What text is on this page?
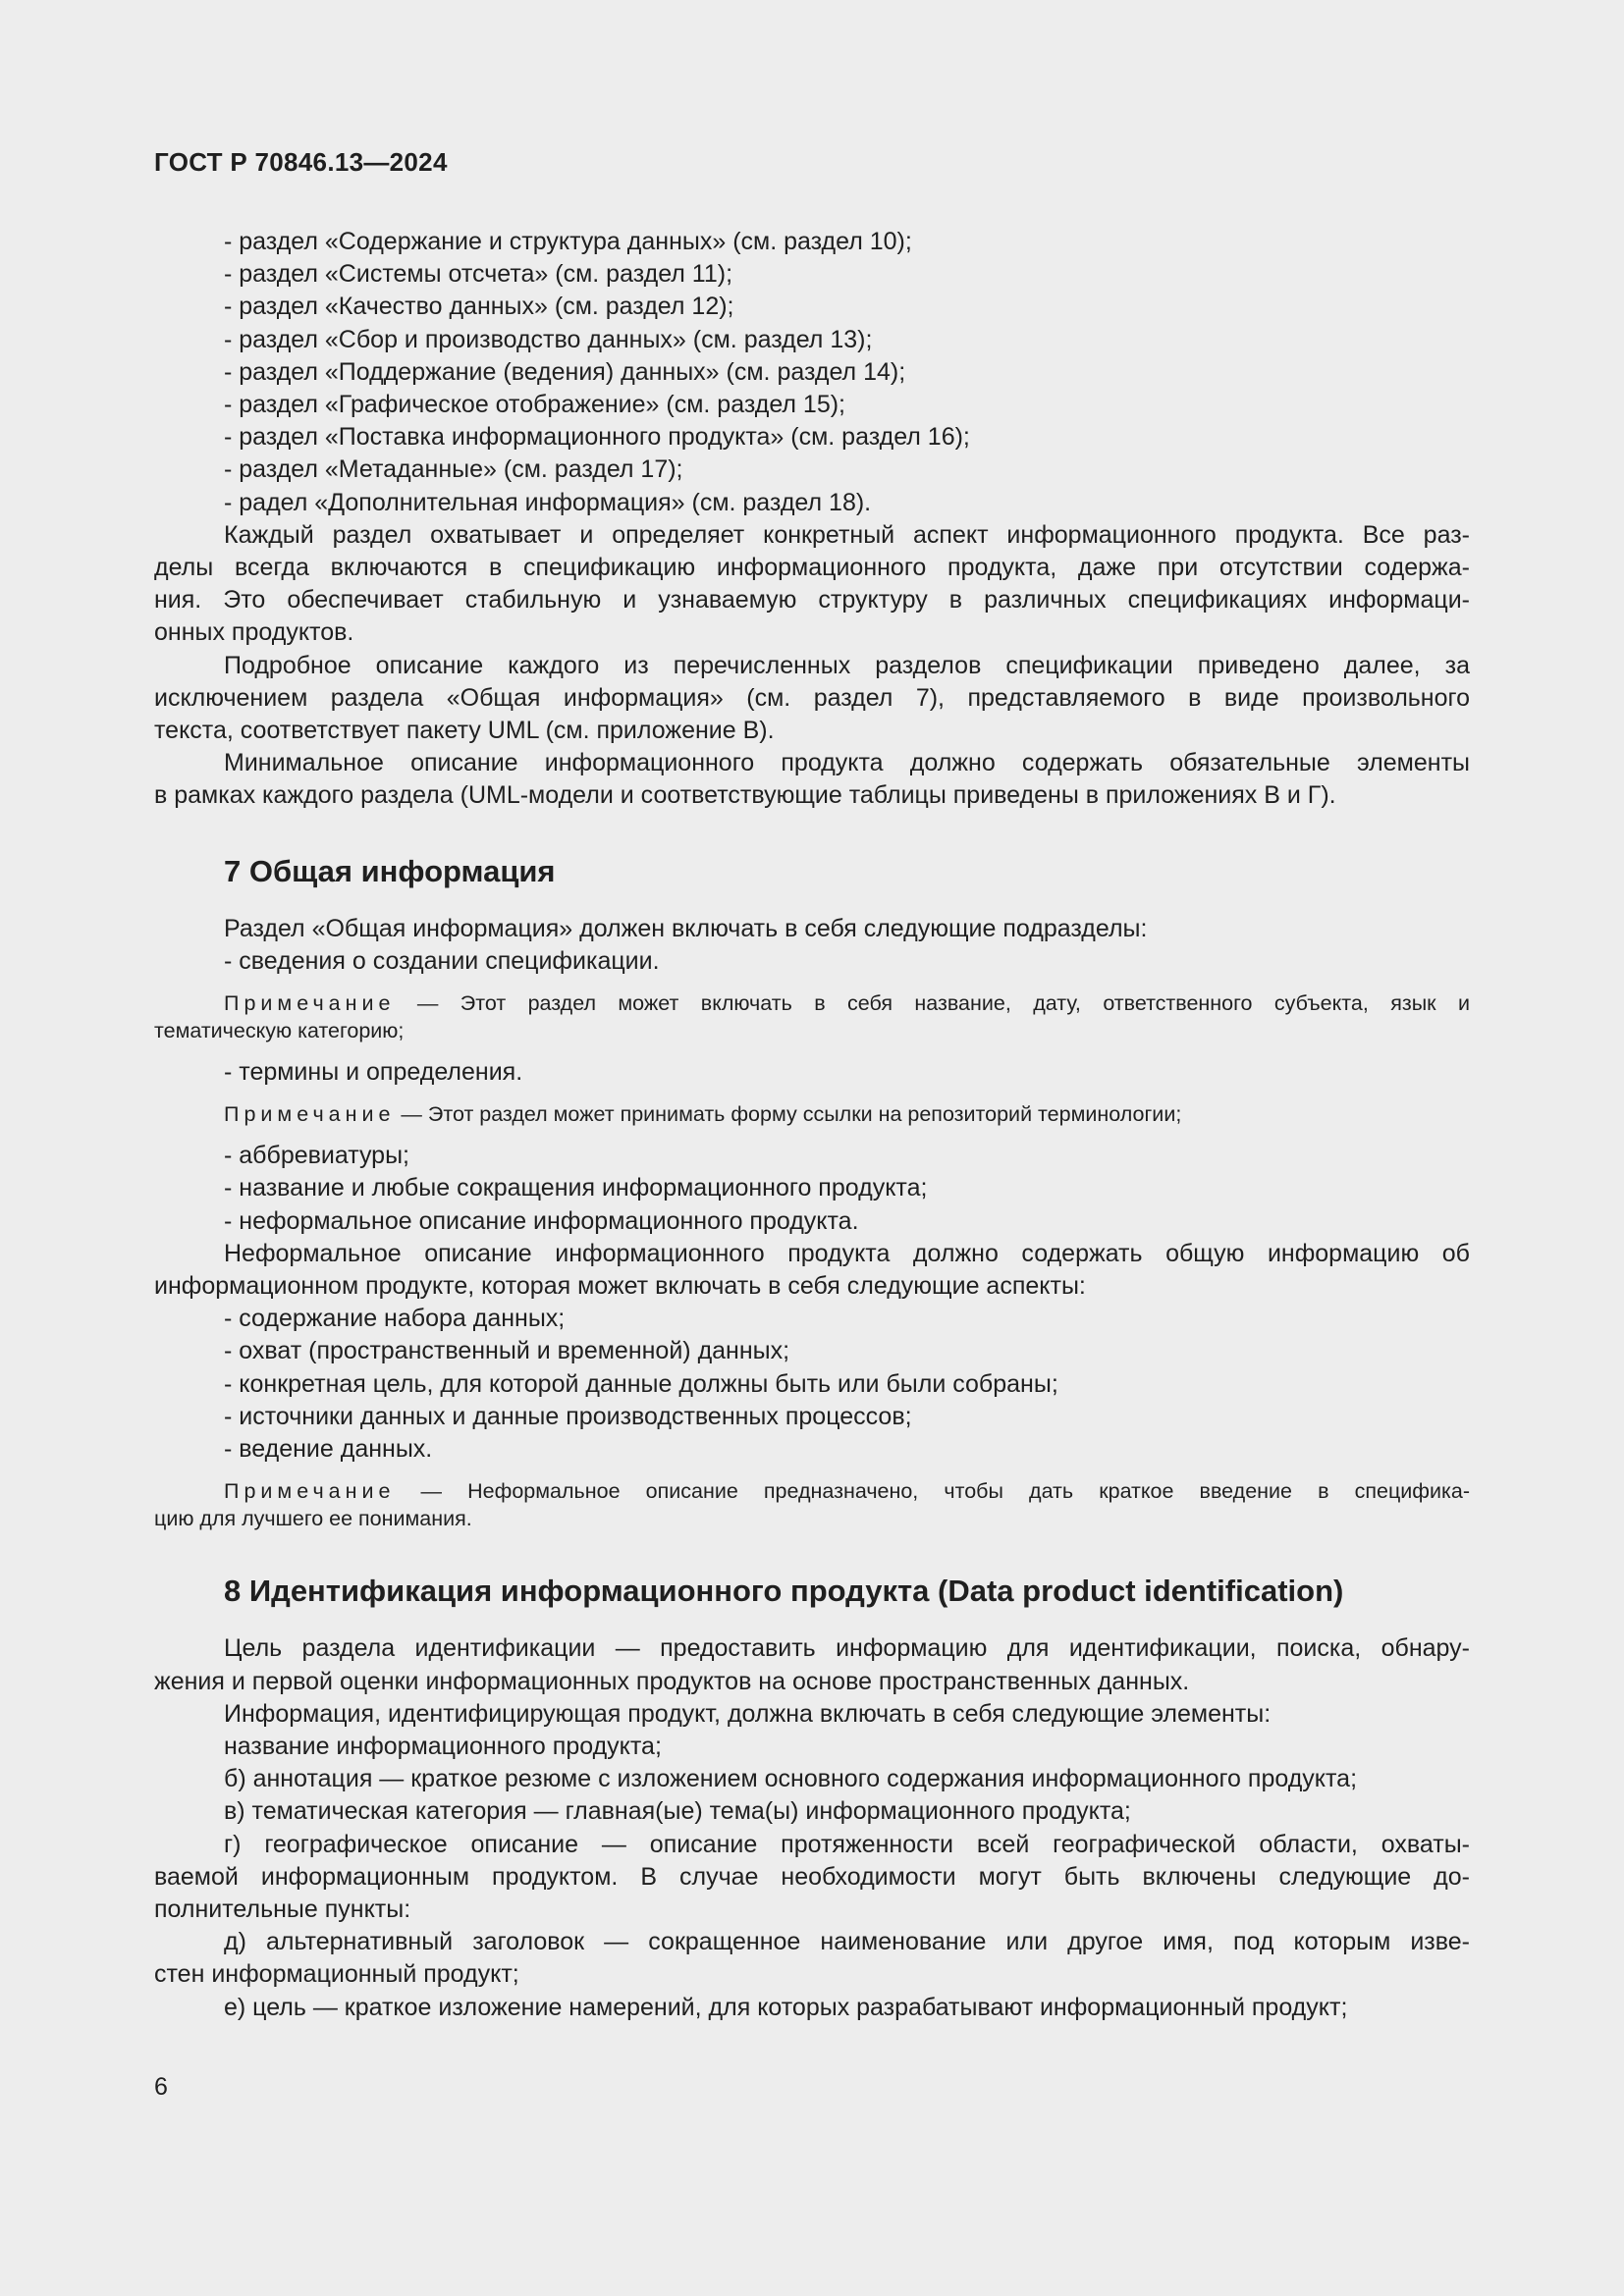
ГОСТ Р 70846.13—2024
- раздел «Содержание и структура данных» (см. раздел 10);
- раздел «Системы отсчета» (см. раздел 11);
- раздел «Качество данных» (см. раздел 12);
- раздел «Сбор и производство данных» (см. раздел 13);
- раздел «Поддержание (ведения) данных» (см. раздел 14);
- раздел «Графическое отображение» (см. раздел 15);
- раздел «Поставка информационного продукта» (см. раздел 16);
- раздел «Метаданные» (см. раздел 17);
- радел «Дополнительная информация» (см. раздел 18).
Каждый раздел охватывает и определяет конкретный аспект информационного продукта. Все раз-
делы всегда включаются в спецификацию информационного продукта, даже при отсутствии содержа-
ния. Это обеспечивает стабильную и узнаваемую структуру в различных спецификациях информаци-
онных продуктов.
Подробное описание каждого из перечисленных разделов спецификации приведено далее, за
исключением раздела «Общая информация» (см. раздел 7), представляемого в виде произвольного
текста, соответствует пакету UML (см. приложение В).
Минимальное описание информационного продукта должно содержать обязательные элементы
в рамках каждого раздела (UML-модели и соответствующие таблицы приведены в приложениях В и Г).
7 Общая информация
Раздел «Общая информация» должен включать в себя следующие подразделы:
- сведения о создании спецификации.
Примечание — Этот раздел может включать в себя название, дату, ответственного субъекта, язык и
тематическую категорию;
- термины и определения.
Примечание — Этот раздел может принимать форму ссылки на репозиторий терминологии;
- аббревиатуры;
- название и любые сокращения информационного продукта;
- неформальное описание информационного продукта.
Неформальное описание информационного продукта должно содержать общую информацию об
информационном продукте, которая может включать в себя следующие аспекты:
- содержание набора данных;
- охват (пространственный и временной) данных;
- конкретная цель, для которой данные должны быть или были собраны;
- источники данных и данные производственных процессов;
- ведение данных.
Примечание — Неформальное описание предназначено, чтобы дать краткое введение в специфика-
цию для лучшего ее понимания.
8 Идентификация информационного продукта (Data product identification)
Цель раздела идентификации — предоставить информацию для идентификации, поиска, обнару-
жения и первой оценки информационных продуктов на основе пространственных данных.
Информация, идентифицирующая продукт, должна включать в себя следующие элементы:
название информационного продукта;
б) аннотация — краткое резюме с изложением основного содержания информационного продукта;
в) тематическая категория — главная(ые) тема(ы) информационного продукта;
г) географическое описание — описание протяженности всей географической области, охваты-
ваемой информационным продуктом. В случае необходимости могут быть включены следующие до-
полнительные пункты:
д) альтернативный заголовок — сокращенное наименование или другое имя, под которым изве-
стен информационный продукт;
е) цель — краткое изложение намерений, для которых разрабатывают информационный продукт;
6
